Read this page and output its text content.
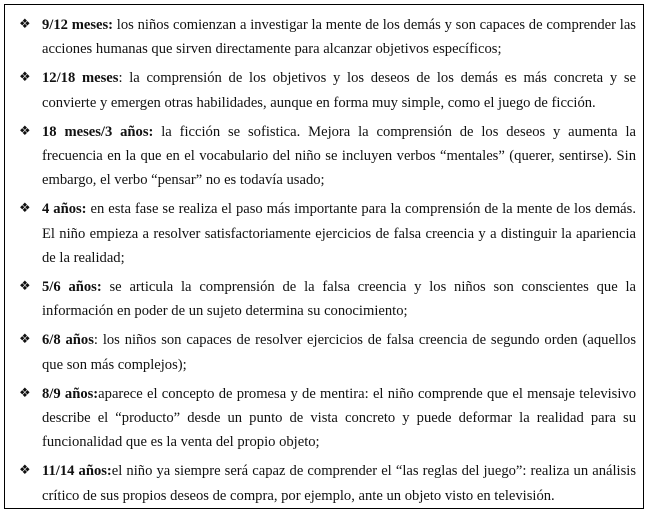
❖ 9/12 meses: los niños comienzan a investigar la mente de los demás y son capaces de comprender las acciones humanas que sirven directamente para alcanzar objetivos específicos;
❖ 12/18 meses: la comprensión de los objetivos y los deseos de los demás es más concreta y se convierte y emergen otras habilidades, aunque en forma muy simple, como el juego de ficción.
❖ 18 meses/3 años: la ficción se sofistica. Mejora la comprensión de los deseos y aumenta la frecuencia en la que en el vocabulario del niño se incluyen verbos “mentales” (querer, sentirse). Sin embargo, el verbo “pensar” no es todavía usado;
❖ 4 años: en esta fase se realiza el paso más importante para la comprensión de la mente de los demás. El niño empieza a resolver satisfactoriamente ejercicios de falsa creencia y a distinguir la apariencia de la realidad;
❖ 5/6 años: se articula la comprensión de la falsa creencia y los niños son conscientes que la información en poder de un sujeto determina su conocimiento;
❖ 6/8 años: los niños son capaces de resolver ejercicios de falsa creencia de segundo orden (aquellos que son más complejos);
❖ 8/9 años:aparece el concepto de promesa y de mentira: el niño comprende que el mensaje televisivo describe el “producto” desde un punto de vista concreto y puede deformar la realidad para su funcionalidad que es la venta del propio objeto;
❖ 11/14 años:el niño ya siempre será capaz de comprender el “las reglas del juego”: realiza un análisis crítico de sus propios deseos de compra, por ejemplo, ante un objeto visto en televisión.
